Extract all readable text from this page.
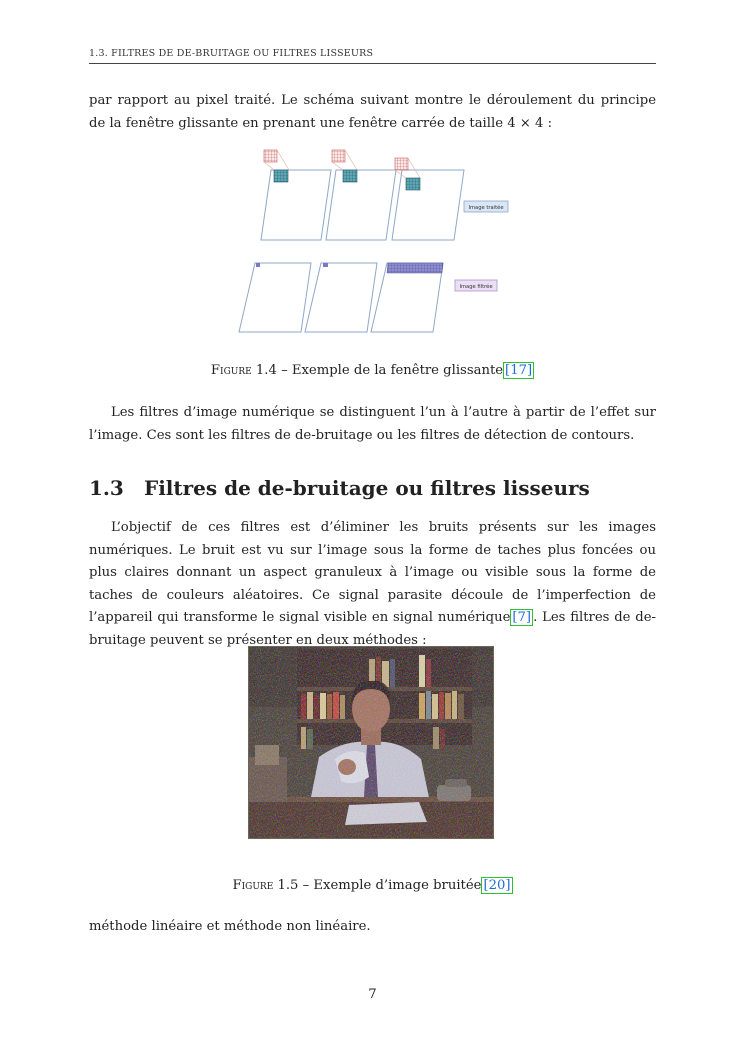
1.3. FILTRES DE DE-BRUITAGE OU FILTRES LISSEURS

par rapport au pixel traité. Le schéma suivant montre le déroulement du principe de la fenêtre glissante en prenant une fenêtre carrée de taille 4 × 4 :

Image traitée
Image filtrée
Figure 1.4 – Exemple de la fenêtre glissante [17]

Les filtres d’image numérique se distinguent l’un à l’autre à partir de l’effet sur l’image. Ces sont les filtres de de-bruitage ou les filtres de détection de contours.

1.3 Filtres de de-bruitage ou filtres lisseurs

L’objectif de ces filtres est d’éliminer les bruits présents sur les images numériques. Le bruit est vu sur l’image sous la forme de taches plus foncées ou plus claires donnant un aspect granuleux à l’image ou visible sous la forme de taches de couleurs aléatoires. Ce signal parasite découle de l’imperfection de l’appareil qui transforme le signal visible en signal numérique [7] . Les filtres de de-bruitage peuvent se présenter en deux méthodes :

Figure 1.5 – Exemple d’image bruitée [20]

méthode linéaire et méthode non linéaire.

7
